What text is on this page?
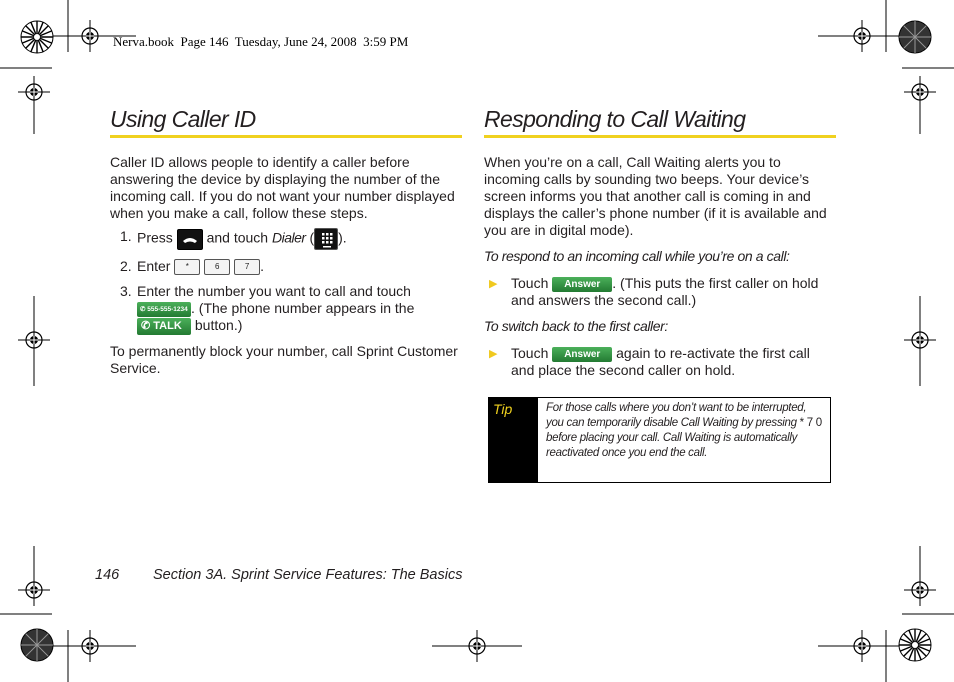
Nerva.book  Page 146  Tuesday, June 24, 2008  3:59 PM
Using Caller ID

Caller ID allows people to identify a caller before answering the device by displaying the number of the incoming call. If you do not want your number displayed when you make a call, follow these steps.

1. Press and touch Dialer ( ).
2. Enter *	6	7 .
3. Enter the number you want to call and touch
✆ 555-555-1234 . (The phone number appears in the
✆ TALK button.)

To permanently block your number, call Sprint Customer Service.

Responding to Call Waiting

When you’re on a call, Call Waiting alerts you to incoming calls by sounding two beeps. Your device’s screen informs you that another call is coming in and displays the caller’s phone number (if it is available and you are in digital mode).

To respond to an incoming call while you’re on a call:

▶ Touch Answer . (This puts the first caller on hold and answers the second call.)

To switch back to the first caller:

▶ Touch Answer again to re-activate the first call and place the second caller on hold.
Tip	For those calls where you don’t want to be interrupted, you can temporarily disable Call Waiting by pressing * 7 0 before placing your call. Call Waiting is automatically reactivated once you end the call.
146 Section 3A. Sprint Service Features: The Basics
